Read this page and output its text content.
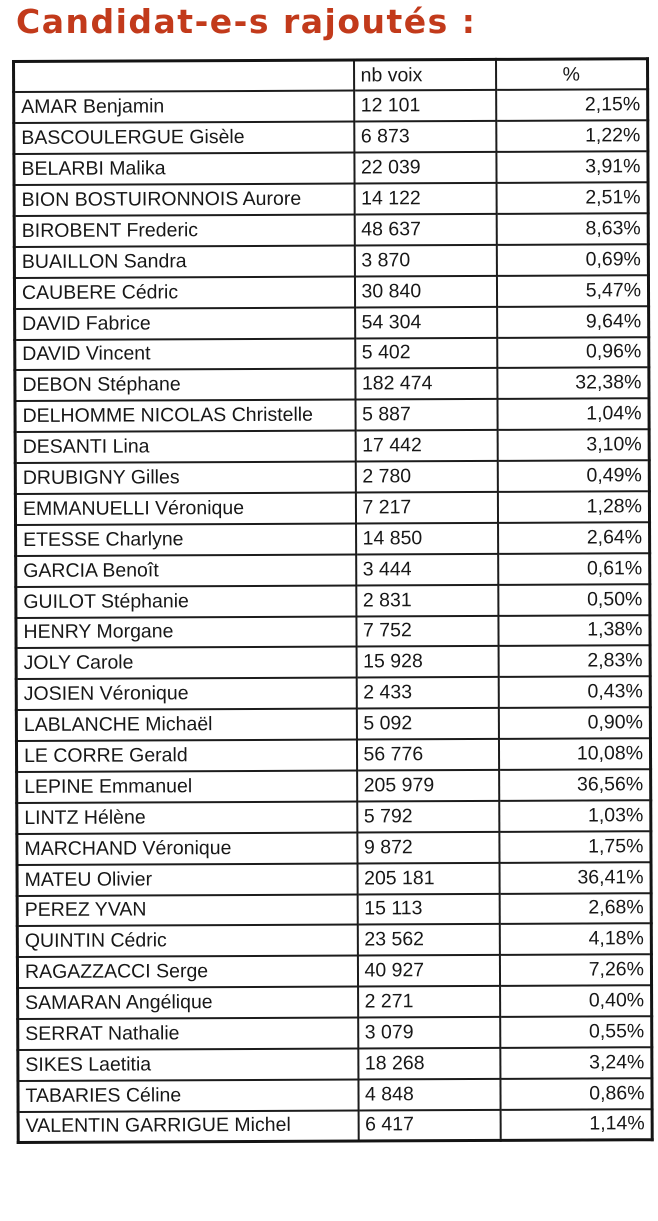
Candidat-e-s rajoutés :
	nb voix	%
AMAR Benjamin	12 101	2,15%
BASCOULERGUE Gisèle	6 873	1,22%
BELARBI Malika	22 039	3,91%
BION BOSTUIRONNOIS Aurore	14 122	2,51%
BIROBENT Frederic	48 637	8,63%
BUAILLON Sandra	3 870	0,69%
CAUBERE Cédric	30 840	5,47%
DAVID Fabrice	54 304	9,64%
DAVID Vincent	5 402	0,96%
DEBON Stéphane	182 474	32,38%
DELHOMME NICOLAS Christelle	5 887	1,04%
DESANTI Lina	17 442	3,10%
DRUBIGNY Gilles	2 780	0,49%
EMMANUELLI Véronique	7 217	1,28%
ETESSE Charlyne	14 850	2,64%
GARCIA Benoît	3 444	0,61%
GUILOT Stéphanie	2 831	0,50%
HENRY Morgane	7 752	1,38%
JOLY Carole	15 928	2,83%
JOSIEN Véronique	2 433	0,43%
LABLANCHE Michaël	5 092	0,90%
LE CORRE Gerald	56 776	10,08%
LEPINE Emmanuel	205 979	36,56%
LINTZ Hélène	5 792	1,03%
MARCHAND Véronique	9 872	1,75%
MATEU Olivier	205 181	36,41%
PEREZ YVAN	15 113	2,68%
QUINTIN Cédric	23 562	4,18%
RAGAZZACCI Serge	40 927	7,26%
SAMARAN Angélique	2 271	0,40%
SERRAT Nathalie	3 079	0,55%
SIKES Laetitia	18 268	3,24%
TABARIES Céline	4 848	0,86%
VALENTIN GARRIGUE Michel	6 417	1,14%
